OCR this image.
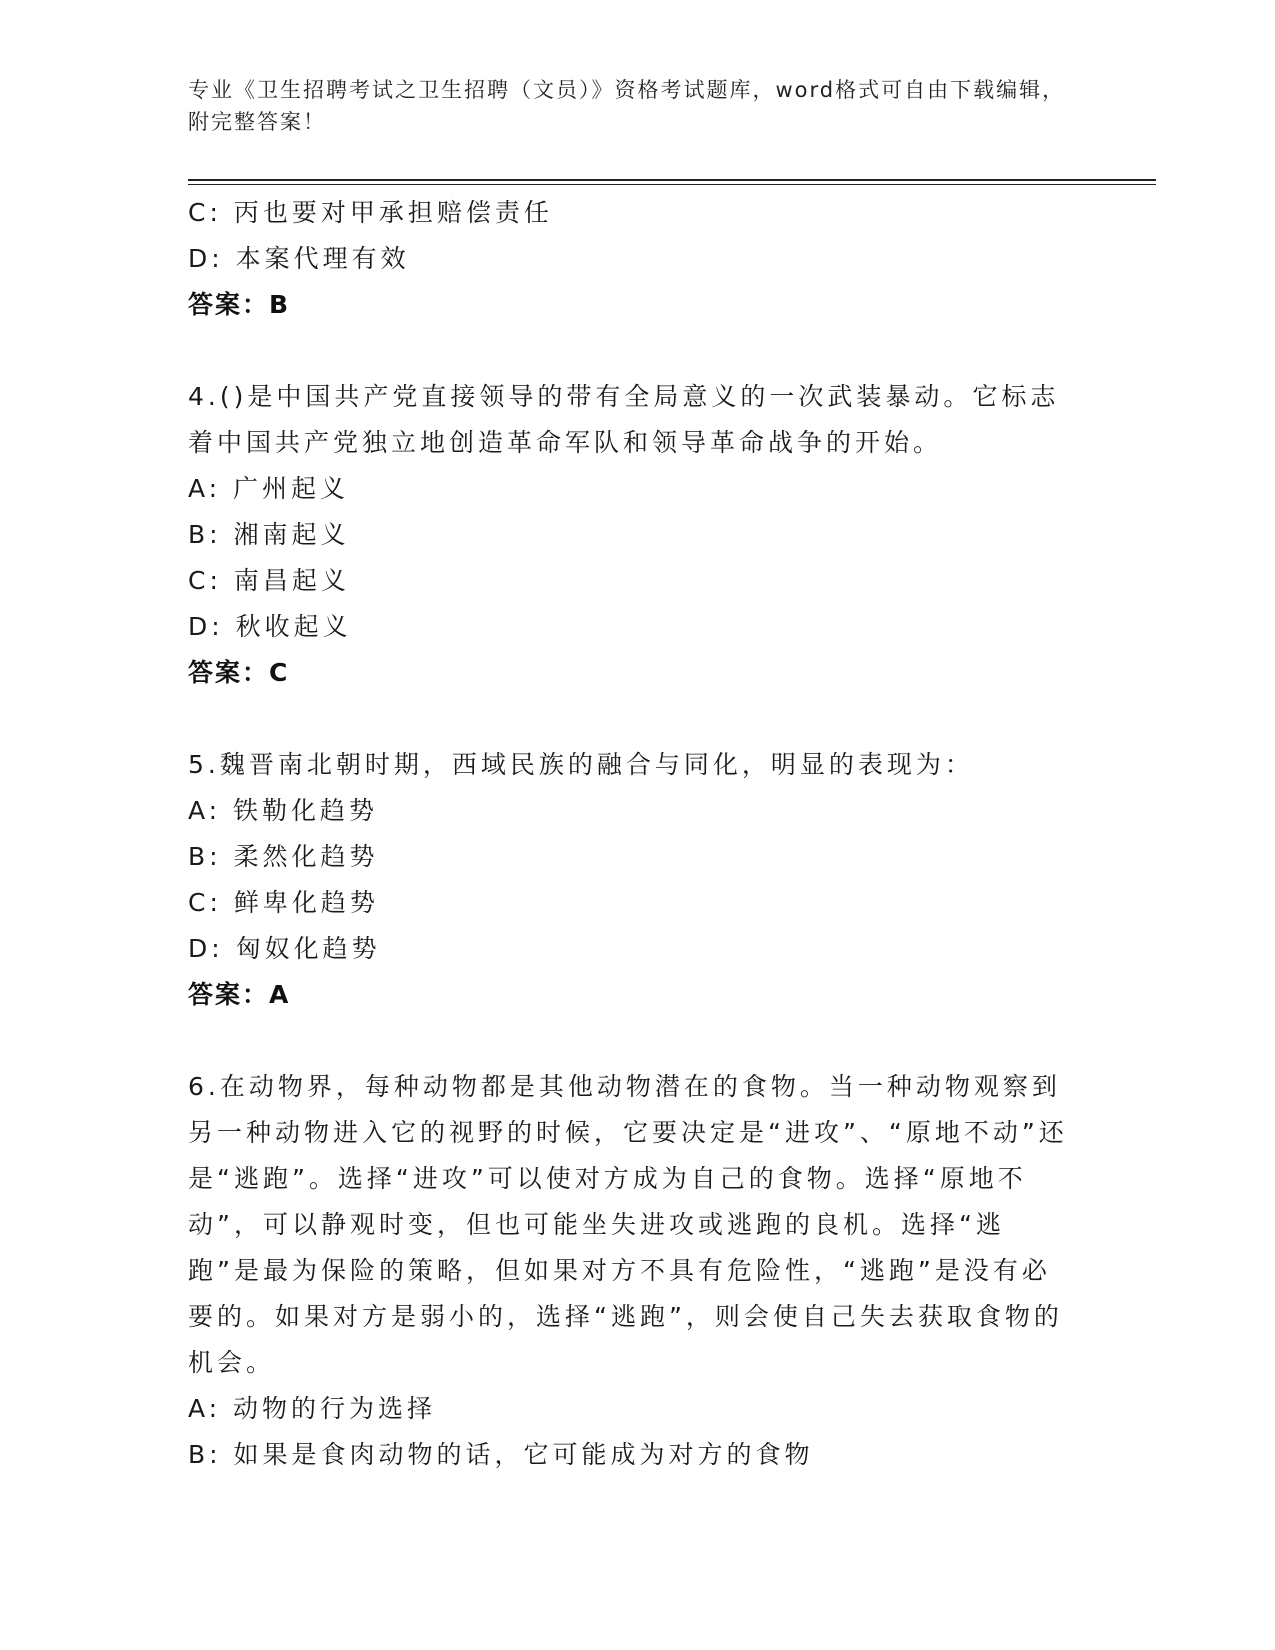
专业《卫生招聘考试之卫生招聘（文员）》资格考试题库，word格式可自由下载编辑，附完整答案！
C: 丙也要对甲承担赔偿责任
D: 本案代理有效
答案：B
4.()是中国共产党直接领导的带有全局意义的一次武装暴动。它标志着中国共产党独立地创造革命军队和领导革命战争的开始。
A: 广州起义
B: 湘南起义
C: 南昌起义
D: 秋收起义
答案：C
5.魏晋南北朝时期，西域民族的融合与同化，明显的表现为：
A: 铁勒化趋势
B: 柔然化趋势
C: 鲜卑化趋势
D: 匈奴化趋势
答案：A
6.在动物界，每种动物都是其他动物潜在的食物。当一种动物观察到另一种动物进入它的视野的时候，它要决定是“进攻”、“原地不动”还是“逃跑”。选择“进攻”可以使对方成为自己的食物。选择“原地不动”，可以静观时变，但也可能坐失进攻或逃跑的良机。选择“逃跑”是最为保险的策略，但如果对方不具有危险性，“逃跑”是没有必要的。如果对方是弱小的，选择“逃跑”，则会使自己失去获取食物的机会。
A: 动物的行为选择
B: 如果是食肉动物的话，它可能成为对方的食物
